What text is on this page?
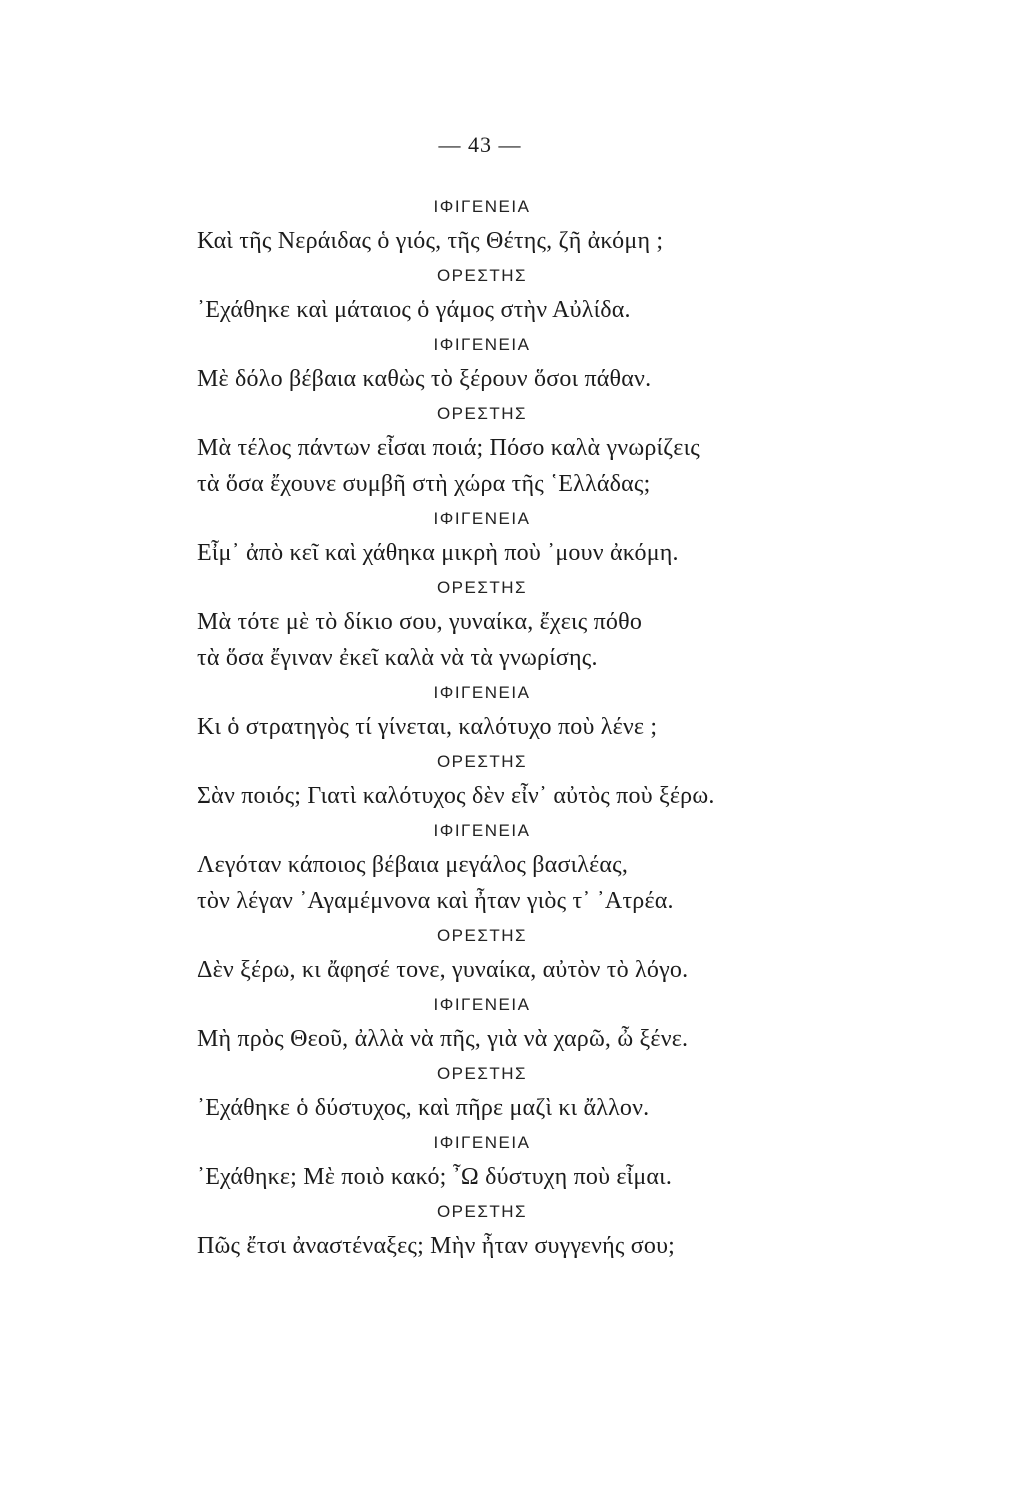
— 43 —
ΙΦΙΓΕΝΕΙΑ
Καὶ τῆς Νεράιδας ὁ γιός, τῆς Θέτης, ζῆ ἀκόμη ;
ΟΡΕΣΤΗΣ
᾿Εχάθηκε καὶ μάταιος ὁ γάμος στὴν Αὐλίδα.
ΙΦΙΓΕΝΕΙΑ
Μὲ δόλο βέβαια καθὼς τὸ ξέρουν ὅσοι πάθαν.
ΟΡΕΣΤΗΣ
Μὰ τέλος πάντων εἶσαι ποιά; Πόσο καλὰ γνωρίζεις
τὰ ὅσα ἔχουνε συμβῆ στὴ χώρα τῆς ῾Ελλάδας;
ΙΦΙΓΕΝΕΙΑ
Εἶμ᾿ ἀπὸ κεῖ καὶ χάθηκα μικρὴ ποὺ ᾿μουν ἀκόμη.
ΟΡΕΣΤΗΣ
Μὰ τότε μὲ τὸ δίκιο σου, γυναίκα, ἔχεις πόθο
τὰ ὅσα ἔγιναν ἐκεῖ καλὰ νὰ τὰ γνωρίσης.
ΙΦΙΓΕΝΕΙΑ
Κι ὁ στρατηγὸς τί γίνεται, καλότυχο ποὺ λένε ;
ΟΡΕΣΤΗΣ
Σὰν ποιός; Γιατὶ καλότυχος δὲν εἶν᾿ αὐτὸς ποὺ ξέρω.
ΙΦΙΓΕΝΕΙΑ
Λεγόταν κάποιος βέβαια μεγάλος βασιλέας,
τὸν λέγαν ᾿Αγαμέμνονα καὶ ἦταν γιὸς τ᾿ ᾿Ατρέα.
ΟΡΕΣΤΗΣ
Δὲν ξέρω, κι ἄφησέ τονε, γυναίκα, αὐτὸν τὸ λόγο.
ΙΦΙΓΕΝΕΙΑ
Μὴ πρὸς Θεοῦ, ἀλλὰ νὰ πῆς, γιὰ νὰ χαρῶ, ὦ ξένε.
ΟΡΕΣΤΗΣ
᾿Εχάθηκε ὁ δύστυχος, καὶ πῆρε μαζὶ κι ἄλλον.
ΙΦΙΓΕΝΕΙΑ
᾿Εχάθηκε; Μὲ ποιὸ κακό; ῏Ω δύστυχη ποὺ εἶμαι.
ΟΡΕΣΤΗΣ
Πῶς ἔτσι ἀναστέναξες; Μὴν ἦταν συγγενής σου;
